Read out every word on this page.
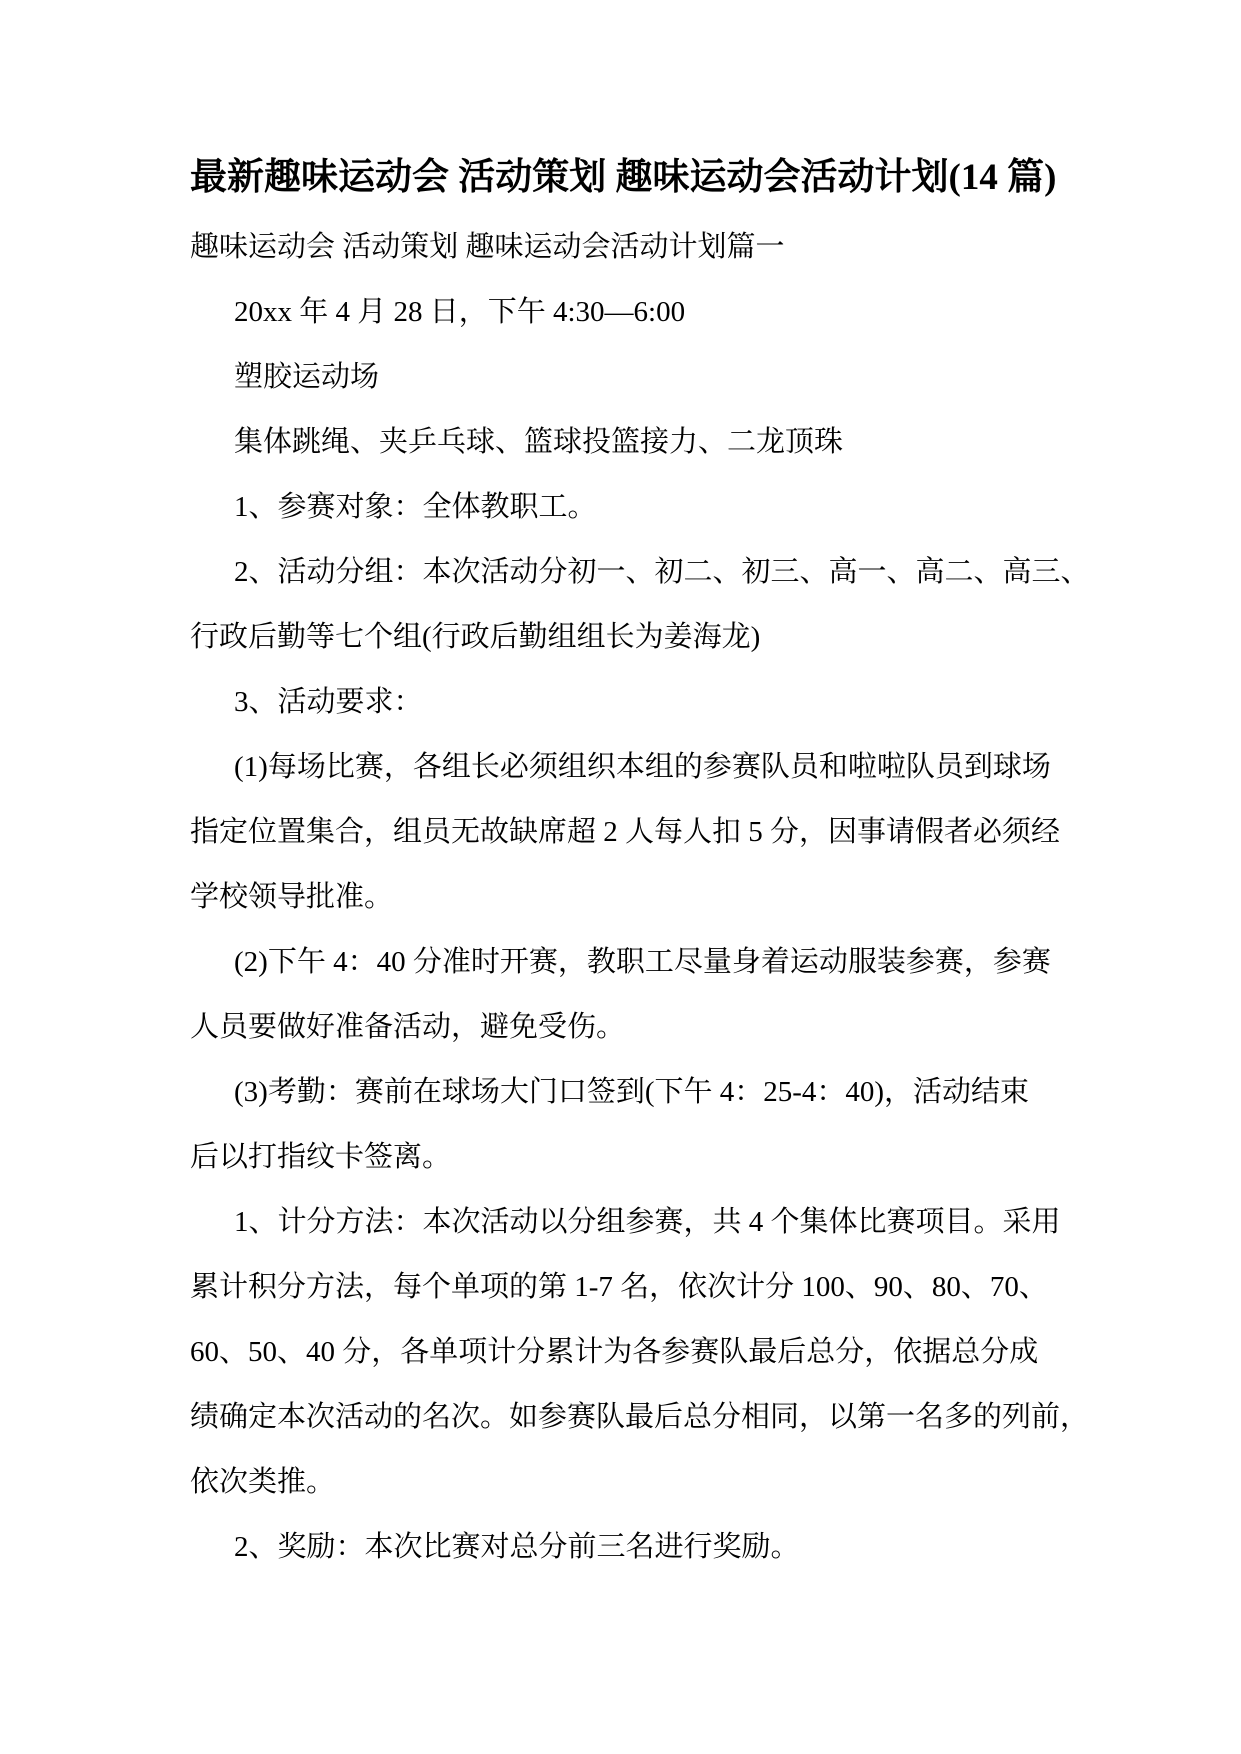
最新趣味运动会 活动策划 趣味运动会活动计划(14 篇)
趣味运动会 活动策划 趣味运动会活动计划篇一
20xx 年 4 月 28 日，下午 4:30—6:00
塑胶运动场
集体跳绳、夹乒乓球、篮球投篮接力、二龙顶珠
1、参赛对象：全体教职工。
2、活动分组：本次活动分初一、初二、初三、高一、高二、高三、
行政后勤等七个组(行政后勤组组长为姜海龙)
3、活动要求：
(1)每场比赛，各组长必须组织本组的参赛队员和啦啦队员到球场
指定位置集合，组员无故缺席超 2 人每人扣 5 分，因事请假者必须经
学校领导批准。
(2)下午 4：40 分准时开赛，教职工尽量身着运动服装参赛，参赛
人员要做好准备活动，避免受伤。
(3)考勤：赛前在球场大门口签到(下午 4：25-4：40)，活动结束
后以打指纹卡签离。
1、计分方法：本次活动以分组参赛，共 4 个集体比赛项目。采用
累计积分方法，每个单项的第 1-7 名，依次计分 100、90、80、70、
60、50、40 分，各单项计分累计为各参赛队最后总分，依据总分成
绩确定本次活动的名次。如参赛队最后总分相同，以第一名多的列前，
依次类推。
2、奖励：本次比赛对总分前三名进行奖励。
